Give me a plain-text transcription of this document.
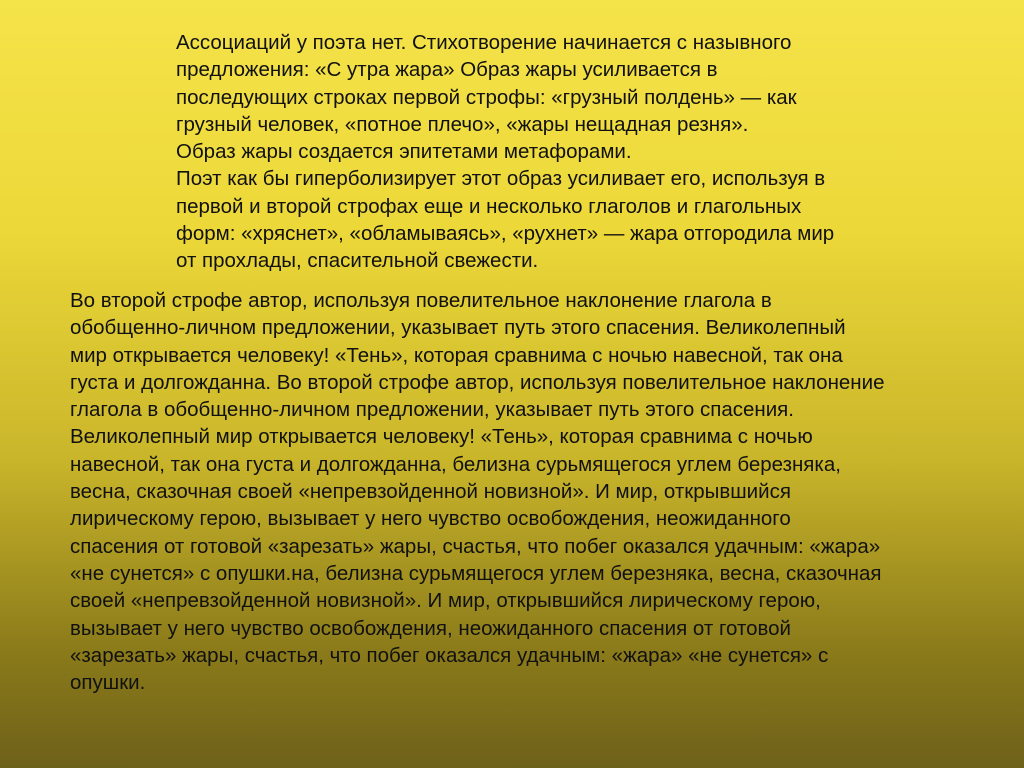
Ассоциаций у поэта нет. Стихотворение начинается с назывного
предложения: «С утра жара» Образ жары усиливается в
последующих строках первой строфы: «грузный полдень» — как
грузный человек, «потное плечо», «жары нещадная резня».
Образ жары создается эпитетами метафорами.
Поэт как бы гиперболизирует этот образ усиливает его, используя в
первой и второй строфах еще и несколько глаголов и глагольных
форм: «хряснет», «обламываясь», «рухнет» — жара отгородила мир
от прохлады, спасительной свежести.
Во второй строфе автор, используя повелительное наклонение глагола в
обобщенно-личном предложении, указывает путь этого спасения. Великолепный
мир открывается человеку! «Тень», которая сравнима с ночью навесной, так она
густа и долгожданна. Во второй строфе автор, используя повелительное наклонение
глагола в обобщенно-личном предложении, указывает путь этого спасения.
Великолепный мир открывается человеку! «Тень», которая сравнима с ночью
навесной, так она густа и долгожданна, белизна сурьмящегося углем березняка,
весна, сказочная своей «непревзойденной новизной». И мир, открывшийся
лирическому герою, вызывает у него чувство освобождения, неожиданного
спасения от готовой «зарезать» жары, счастья, что побег оказался удачным: «жара»
«не сунется» с опушки.на, белизна сурьмящегося углем березняка, весна, сказочная
своей «непревзойденной новизной». И мир, открывшийся лирическому герою,
вызывает у него чувство освобождения, неожиданного спасения от готовой
«зарезать» жары, счастья, что побег оказался удачным: «жара» «не сунется» с
опушки.
